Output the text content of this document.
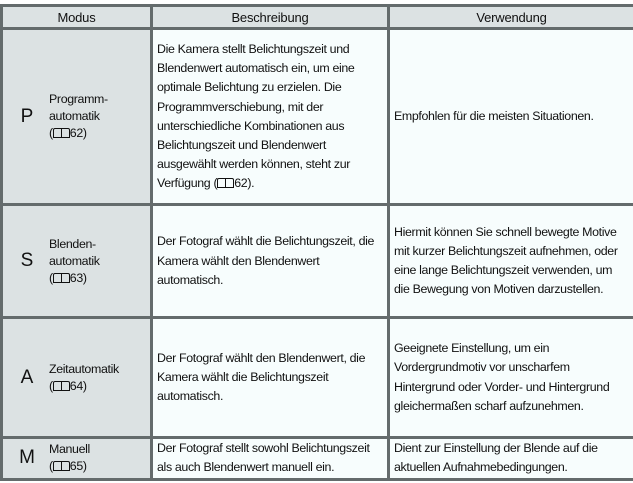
Modus	Beschreibung	Verwendung

P
Programm-
automatik
( 62)
	Die Kamera stellt Belichtungszeit und Blendenwert automatisch ein, um eine optimale Belichtung zu erzielen. Die Programmverschiebung, mit der unterschiedliche Kombinationen aus Belichtungszeit und Blendenwert ausgewählt werden können, steht zur Verfügung ( 62).	Empfohlen für die meisten Situationen.

S
Blenden-
automatik
( 63)	Der Fotograf wählt die Belichtungszeit, die Kamera wählt den Blendenwert automatisch.	Hiermit können Sie schnell bewegte Motive mit kurzer Belichtungszeit aufnehmen, oder eine lange Belichtungszeit verwenden, um die Bewegung von Motiven darzustellen.

A Zeitautomatik
( 64)	Der Fotograf wählt den Blendenwert, die Kamera wählt die Belichtungszeit automatisch.	Geeignete Einstellung, um ein Vordergrundmotiv vor unscharfem Hintergrund oder Vorder- und Hintergrund gleichermaßen scharf aufzunehmen.

M Manuell
( 65)	Der Fotograf stellt sowohl Belichtungszeit als auch Blendenwert manuell ein.	Dient zur Einstellung der Blende auf die aktuellen Aufnahmebedingungen.
